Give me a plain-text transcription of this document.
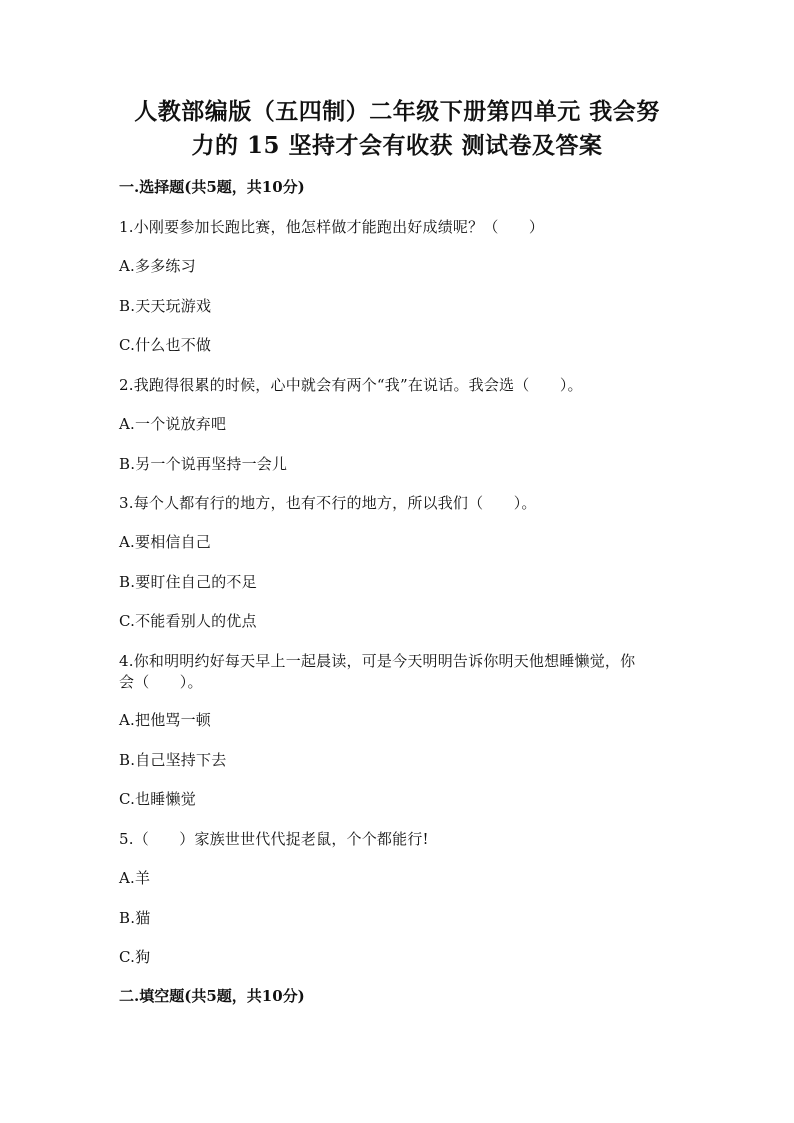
人教部编版（五四制）二年级下册第四单元 我会努
力的 15 坚持才会有收获 测试卷及答案
一.选择题(共5题，共10分)
1.小刚要参加长跑比赛，他怎样做才能跑出好成绩呢？（　　）
A.多多练习
B.天天玩游戏
C.什么也不做
2.我跑得很累的时候，心中就会有两个“我”在说话。我会选（　　）。
A.一个说放弃吧
B.另一个说再坚持一会儿
3.每个人都有行的地方，也有不行的地方，所以我们（　　）。
A.要相信自己
B.要盯住自己的不足
C.不能看别人的优点
4.你和明明约好每天早上一起晨读，可是今天明明告诉你明天他想睡懒觉，你
会（　　）。
A.把他骂一顿
B.自己坚持下去
C.也睡懒觉
5.（　　）家族世世代代捉老鼠，个个都能行!
A.羊
B.猫
C.狗
二.填空题(共5题，共10分)
